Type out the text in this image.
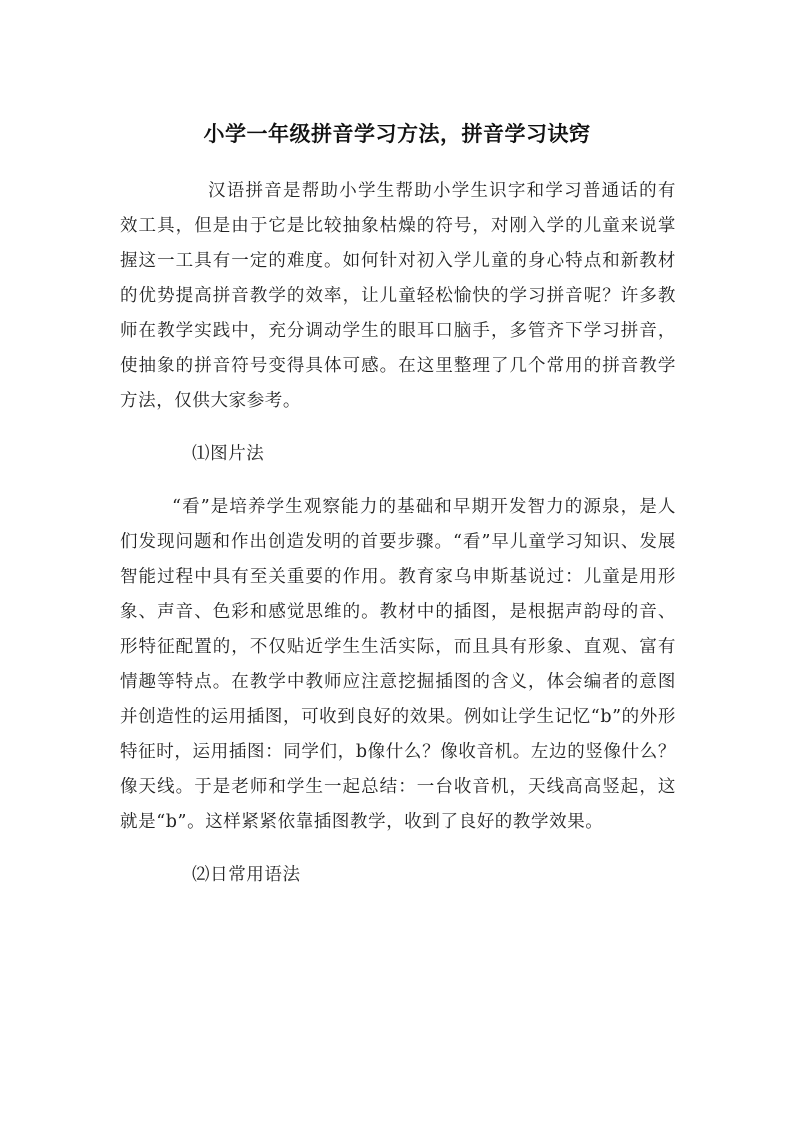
小学一年级拼音学习方法，拼音学习诀窍

汉语拼音是帮助小学生帮助小学生识字和学习普通话的有效工具，但是由于它是比较抽象枯燥的符号，对刚入学的儿童来说掌握这一工具有一定的难度。如何针对初入学儿童的身心特点和新教材的优势提高拼音教学的效率，让儿童轻松愉快的学习拼音呢？许多教师在教学实践中，充分调动学生的眼耳口脑手，多管齐下学习拼音，使抽象的拼音符号变得具体可感。在这里整理了几个常用的拼音教学方法，仅供大家参考。

⑴图片法

“看”是培养学生观察能力的基础和早期开发智力的源泉，是人们发现问题和作出创造发明的首要步骤。“看”早儿童学习知识、发展智能过程中具有至关重要的作用。教育家乌申斯基说过：儿童是用形象、声音、色彩和感觉思维的。教材中的插图，是根据声韵母的音、形特征配置的，不仅贴近学生生活实际，而且具有形象、直观、富有情趣等特点。在教学中教师应注意挖掘插图的含义，体会编者的意图并创造性的运用插图，可收到良好的效果。例如让学生记忆“b”的外形特征时，运用插图：同学们，b像什么？像收音机。左边的竖像什么？像天线。于是老师和学生一起总结：一台收音机，天线高高竖起，这就是“b”。这样紧紧依靠插图教学，收到了良好的教学效果。

⑵日常用语法
